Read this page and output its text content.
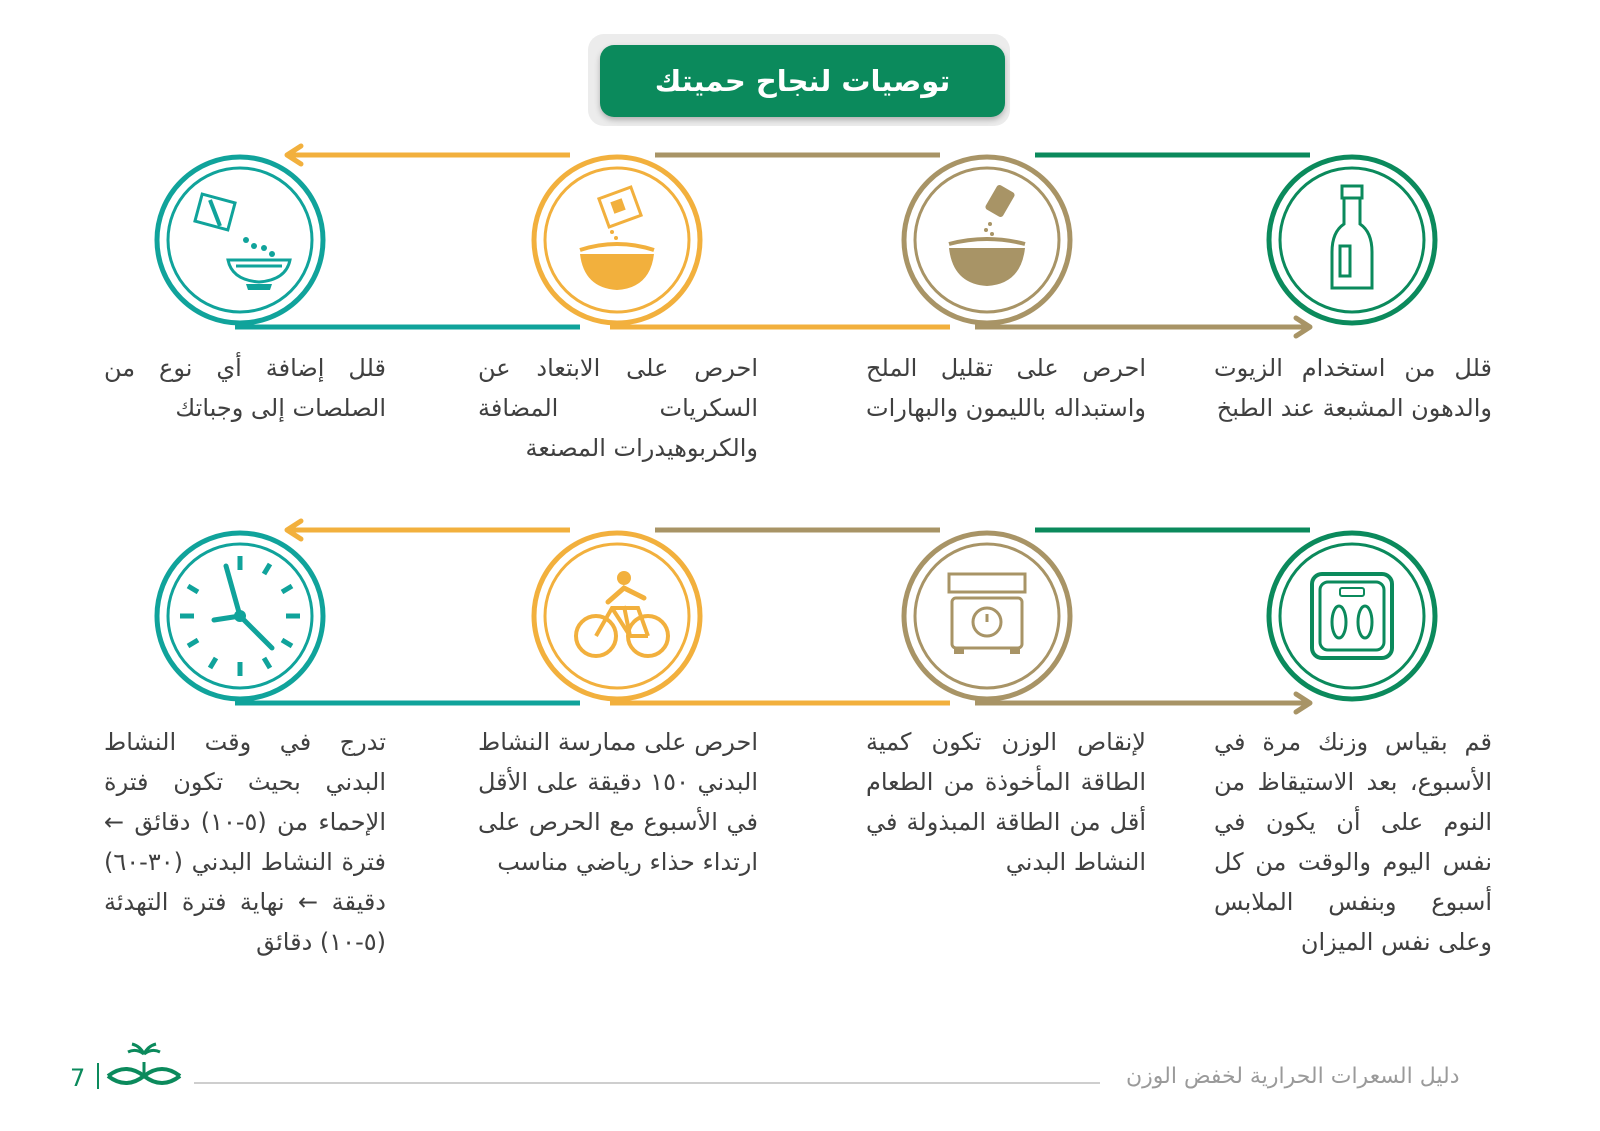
توصيات لنجاح حميتك
قلل من استخدام الزيوت والدهون المشبعة عند الطبخ
احرص على تقليل الملح واستبداله بالليمون والبهارات
احرص على الابتعاد عن السكريات المضافة والكربوهيدرات المصنعة
قلل إضافة أي نوع من الصلصات إلى وجباتك
قم بقياس وزنك مرة في الأسبوع، بعد الاستيقاظ من النوم على أن يكون في نفس اليوم والوقت من كل أسبوع وبنفس الملابس وعلى نفس الميزان
لإنقاص الوزن تكون كمية الطاقة المأخوذة من الطعام أقل من الطاقة المبذولة في النشاط البدني
احرص على ممارسة النشاط البدني ١٥٠ دقيقة على الأقل في الأسبوع مع الحرص على ارتداء حذاء رياضي مناسب
تدرج في وقت النشاط البدني بحيث تكون فترة الإحماء من (٥-١٠) دقائق ← فترة النشاط البدني (٣٠-٦٠) دقيقة ← نهاية فترة التهدئة (٥-١٠) دقائق
دليل السعرات الحرارية لخفض الوزن
7
